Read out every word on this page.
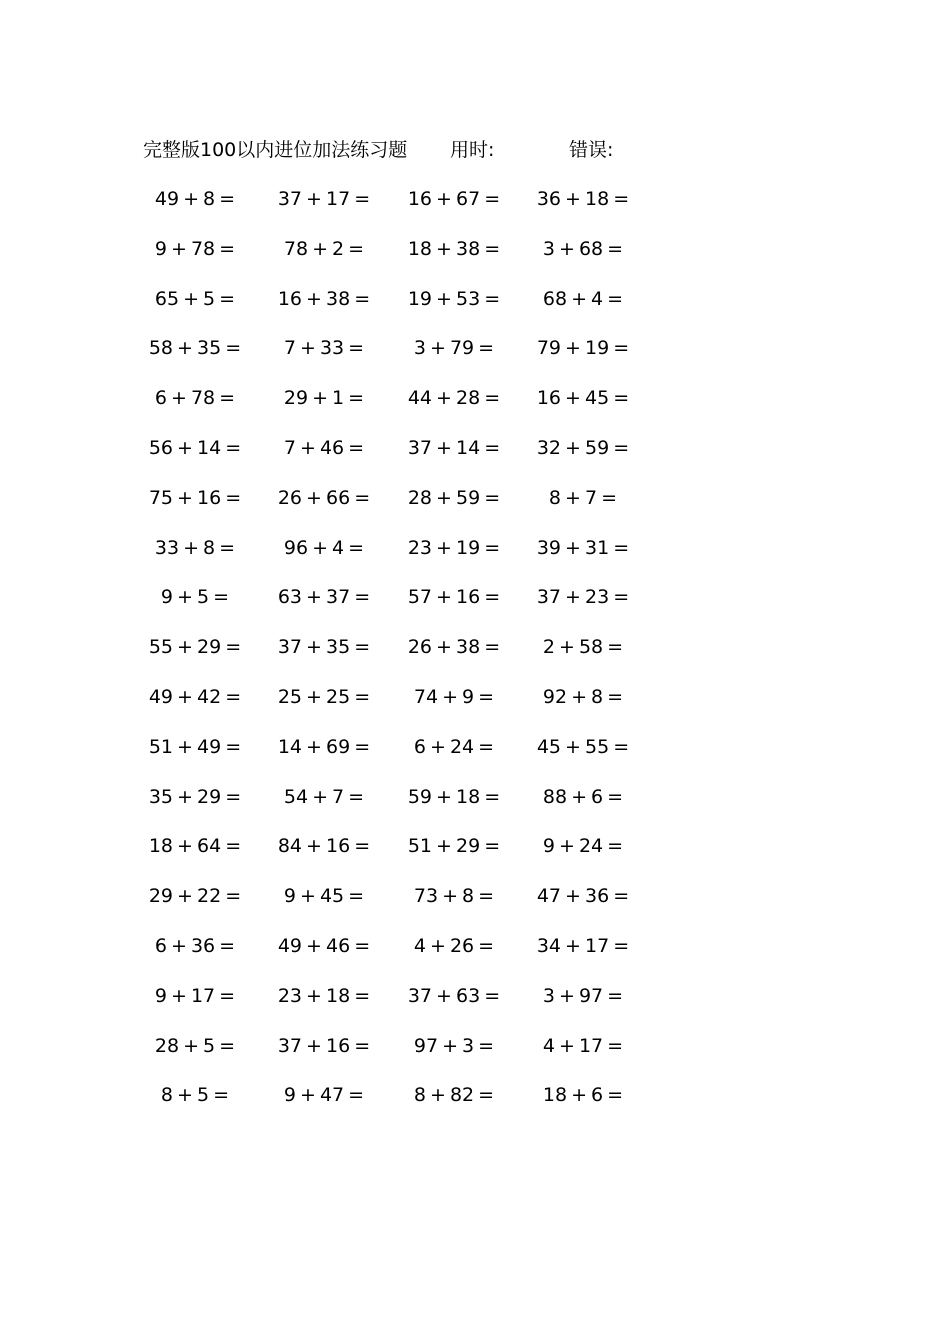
完整版100以内进位加法练习题 用时:	错误:
49 + 8 =	37 + 17 =	16 + 67 =	36 + 18 =
9 + 78 =	78 + 2 =	18 + 38 =	3 + 68 =
65 + 5 =	16 + 38 =	19 + 53 =	68 + 4 =
58 + 35 =	7 + 33 =	3 + 79 =	79 + 19 =
6 + 78 =	29 + 1 =	44 + 28 =	16 + 45 =
56 + 14 =	7 + 46 =	37 + 14 =	32 + 59 =
75 + 16 =	26 + 66 =	28 + 59 =	8 + 7 =
33 + 8 =	96 + 4 =	23 + 19 =	39 + 31 =
9 + 5 =	63 + 37 =	57 + 16 =	37 + 23 =
55 + 29 =	37 + 35 =	26 + 38 =	2 + 58 =
49 + 42 =	25 + 25 =	74 + 9 =	92 + 8 =
51 + 49 =	14 + 69 =	6 + 24 =	45 + 55 =
35 + 29 =	54 + 7 =	59 + 18 =	88 + 6 =
18 + 64 =	84 + 16 =	51 + 29 =	9 + 24 =
29 + 22 =	9 + 45 =	73 + 8 =	47 + 36 =
6 + 36 =	49 + 46 =	4 + 26 =	34 + 17 =
9 + 17 =	23 + 18 =	37 + 63 =	3 + 97 =
28 + 5 =	37 + 16 =	97 + 3 =	4 + 17 =
8 + 5 =	9 + 47 =	8 + 82 =	18 + 6 =
